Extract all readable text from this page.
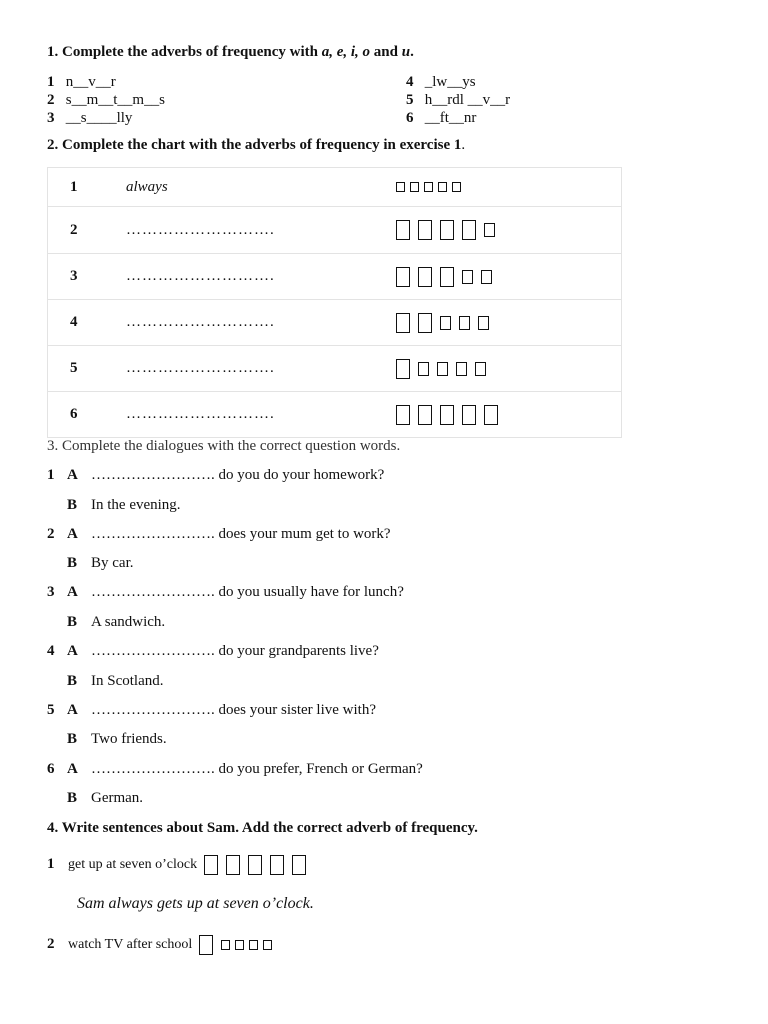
1. Complete the adverbs of frequency with a, e, i, o and u.
1 n__v__r
2 s__m__t__m__s
3 __s____lly
4 _lw__ys
5 h__rdl __v__r
6 __ft__nr
2. Complete the chart with the adverbs of frequency in exercise 1.
1	always	
2	……………………….	
3	……………………….	
4	……………………….	
5	……………………….	
6	……………………….	
3. Complete the dialogues with the correct question words.
1 A ……………………. do you do your homework?
B In the evening.
2 A ……………………. does your mum get to work?
B By car.
3 A ……………………. do you usually have for lunch?
B A sandwich.
4 A ……………………. do your grandparents live?
B In Scotland.
5 A ……………………. does your sister live with?
B Two friends.
6 A ……………………. do you prefer, French or German?
B German.
4. Write sentences about Sam. Add the correct adverb of frequency.
1 get up at seven o’clock
Sam always gets up at seven o’clock.
2 watch TV after school
